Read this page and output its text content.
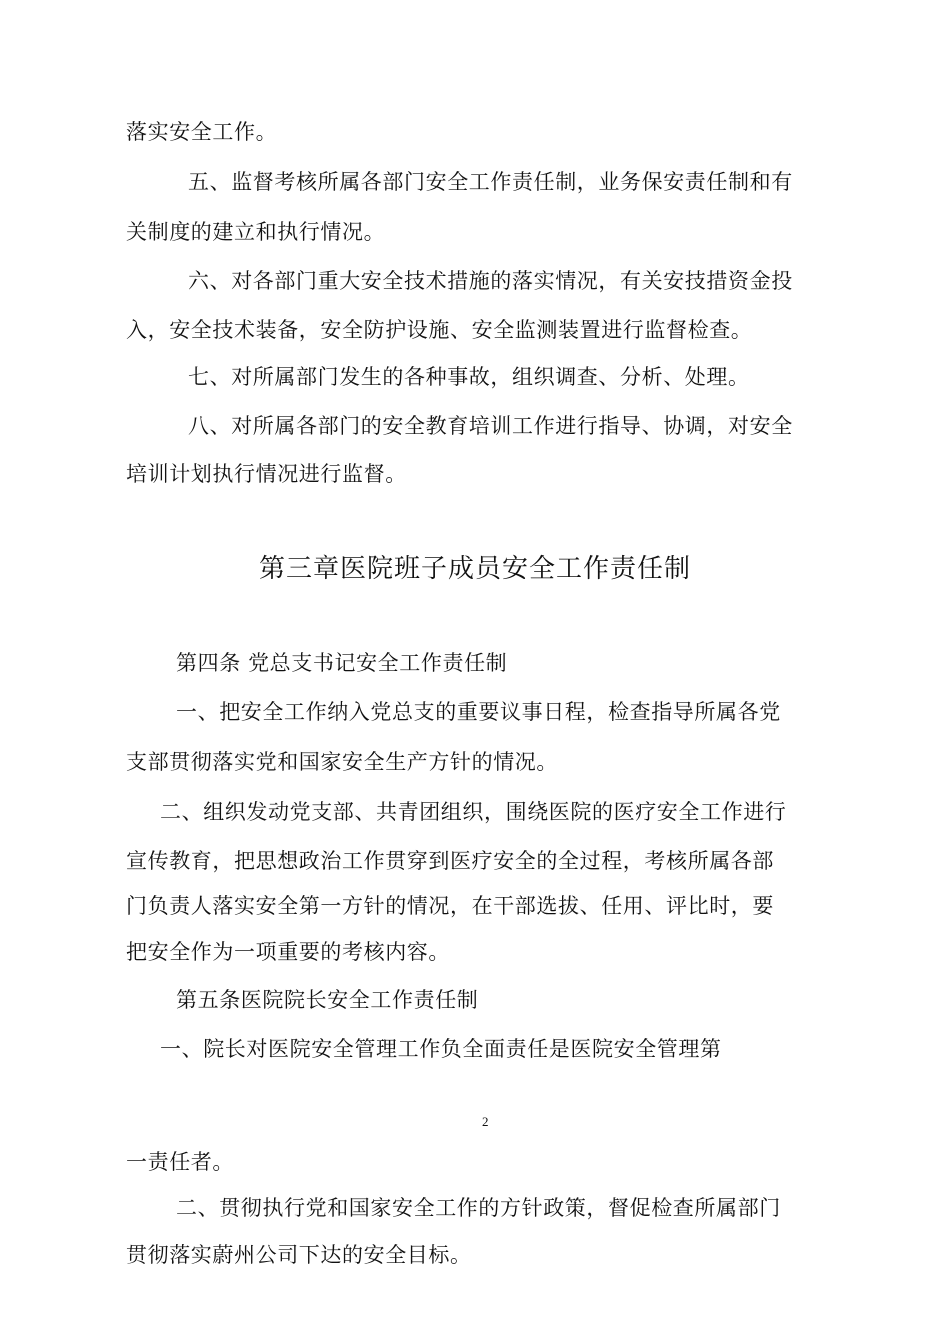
落实安全工作。
五、监督考核所属各部门安全工作责任制，业务保安责任制和有
关制度的建立和执行情况。
六、对各部门重大安全技术措施的落实情况，有关安技措资金投
入，安全技术装备，安全防护设施、安全监测装置进行监督检查。
七、对所属部门发生的各种事故，组织调查、分析、处理。
八、对所属各部门的安全教育培训工作进行指导、协调，对安全
培训计划执行情况进行监督。
第三章医院班子成员安全工作责任制
第四条 党总支书记安全工作责任制
一、把安全工作纳入党总支的重要议事日程，检查指导所属各党
支部贯彻落实党和国家安全生产方针的情况。
二、组织发动党支部、共青团组织，围绕医院的医疗安全工作进行
宣传教育，把思想政治工作贯穿到医疗安全的全过程，考核所属各部
门负责人落实安全第一方针的情况，在干部选拔、任用、评比时，要
把安全作为一项重要的考核内容。
第五条医院院长安全工作责任制
一、院长对医院安全管理工作负全面责任是医院安全管理第
2
一责任者。
二、贯彻执行党和国家安全工作的方针政策，督促检查所属部门
贯彻落实蔚州公司下达的安全目标。
